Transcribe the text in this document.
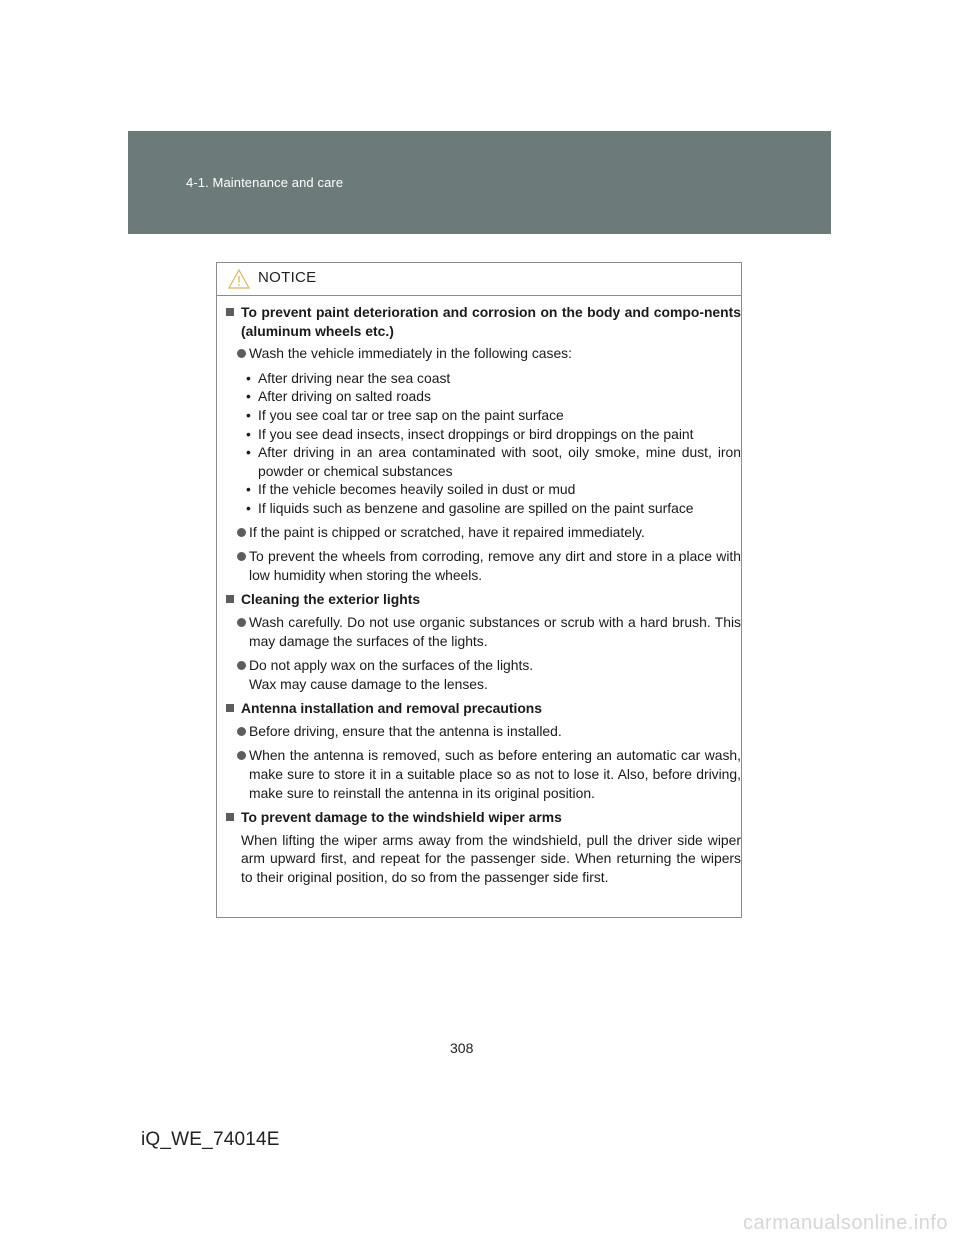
4-1. Maintenance and care
NOTICE
To prevent paint deterioration and corrosion on the body and compo-nents (aluminum wheels etc.)
Wash the vehicle immediately in the following cases:
• After driving near the sea coast
• After driving on salted roads
• If you see coal tar or tree sap on the paint surface
• If you see dead insects, insect droppings or bird droppings on the paint
• After driving in an area contaminated with soot, oily smoke, mine dust, iron powder or chemical substances
• If the vehicle becomes heavily soiled in dust or mud
• If liquids such as benzene and gasoline are spilled on the paint surface
If the paint is chipped or scratched, have it repaired immediately.
To prevent the wheels from corroding, remove any dirt and store in a place with low humidity when storing the wheels.
Cleaning the exterior lights
Wash carefully. Do not use organic substances or scrub with a hard brush. This may damage the surfaces of the lights.
Do not apply wax on the surfaces of the lights.
Wax may cause damage to the lenses.
Antenna installation and removal precautions
Before driving, ensure that the antenna is installed.
When the antenna is removed, such as before entering an automatic car wash, make sure to store it in a suitable place so as not to lose it. Also, before driving, make sure to reinstall the antenna in its original position.
To prevent damage to the windshield wiper arms
When lifting the wiper arms away from the windshield, pull the driver side wiper arm upward first, and repeat for the passenger side. When returning the wipers to their original position, do so from the passenger side first.
308
iQ_WE_74014E
carmanualsonline.info
